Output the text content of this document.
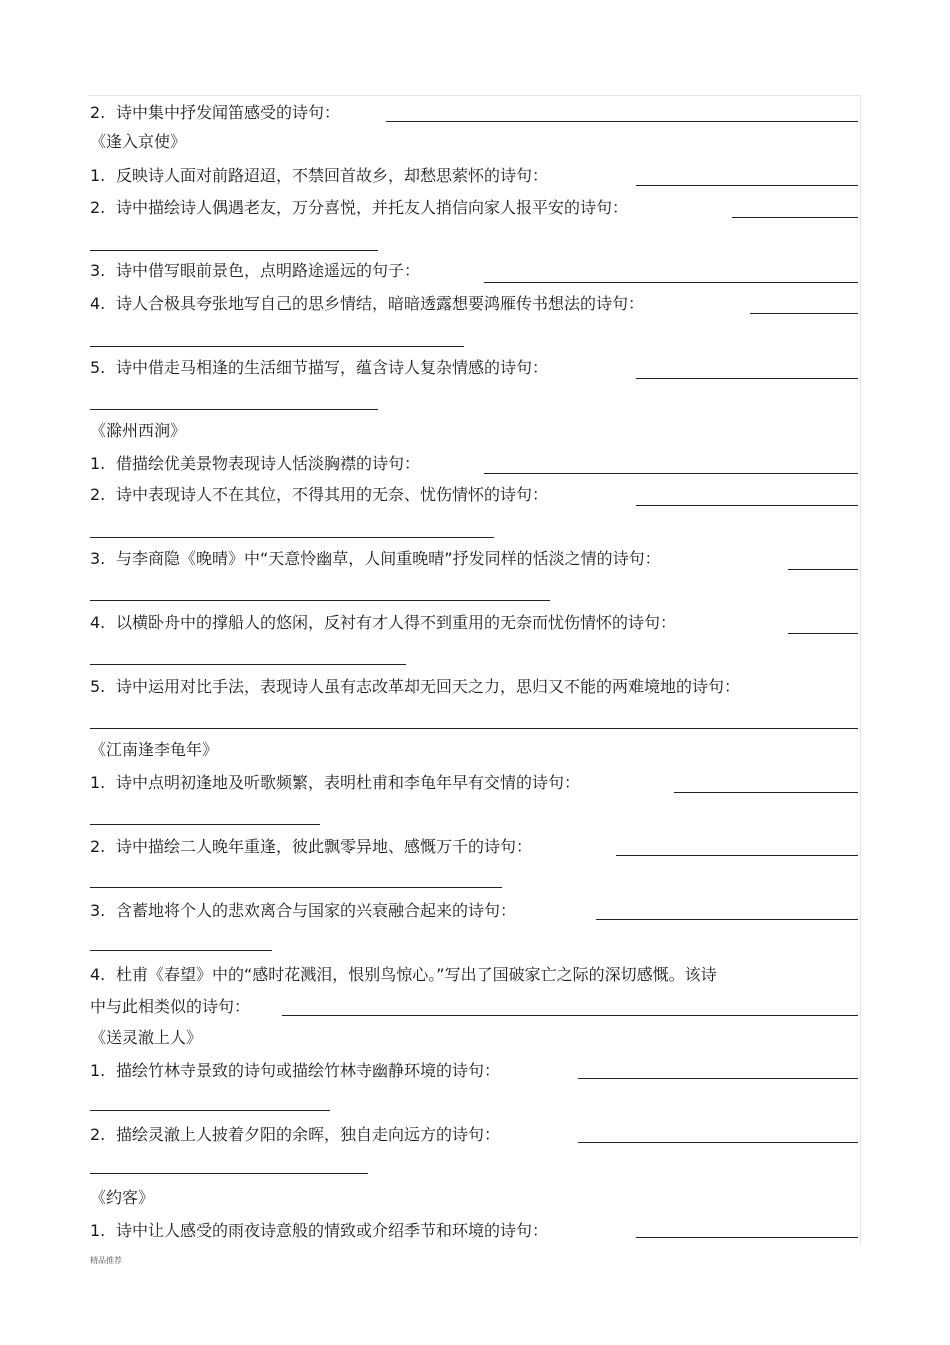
精品推荐
2. 诗中集中抒发闻笛感受的诗句：
《逢入京使》
1. 反映诗人面对前路迢迢，不禁回首故乡，却愁思萦怀的诗句：
2. 诗中描绘诗人偶遇老友，万分喜悦，并托友人捎信向家人报平安的诗句：
3. 诗中借写眼前景色，点明路途遥远的句子：
4. 诗人合极具夸张地写自己的思乡情结，暗暗透露想要鸿雁传书想法的诗句：
5. 诗中借走马相逢的生活细节描写，蕴含诗人复杂情感的诗句：
《滁州西涧》
1. 借描绘优美景物表现诗人恬淡胸襟的诗句：
2. 诗中表现诗人不在其位，不得其用的无奈、忧伤情怀的诗句：
3. 与李商隐《晚晴》中“天意怜幽草，人间重晚晴”抒发同样的恬淡之情的诗句：
4. 以横卧舟中的撑船人的悠闲，反衬有才人得不到重用的无奈而忧伤情怀的诗句：
5. 诗中运用对比手法，表现诗人虽有志改革却无回天之力，思归又不能的两难境地的诗句：
《江南逢李龟年》
1. 诗中点明初逢地及听歌频繁，表明杜甫和李龟年早有交情的诗句：
2. 诗中描绘二人晚年重逢，彼此飘零异地、感慨万千的诗句：
3. 含蓄地将个人的悲欢离合与国家的兴衰融合起来的诗句：
4. 杜甫《春望》中的“感时花溅泪，恨别鸟惊心。”写出了国破家亡之际的深切感慨。该诗
中与此相类似的诗句：
《送灵澈上人》
1. 描绘竹林寺景致的诗句或描绘竹林寺幽静环境的诗句：
2. 描绘灵澈上人披着夕阳的余晖，独自走向远方的诗句：
《约客》
1. 诗中让人感受的雨夜诗意般的情致或介绍季节和环境的诗句：
